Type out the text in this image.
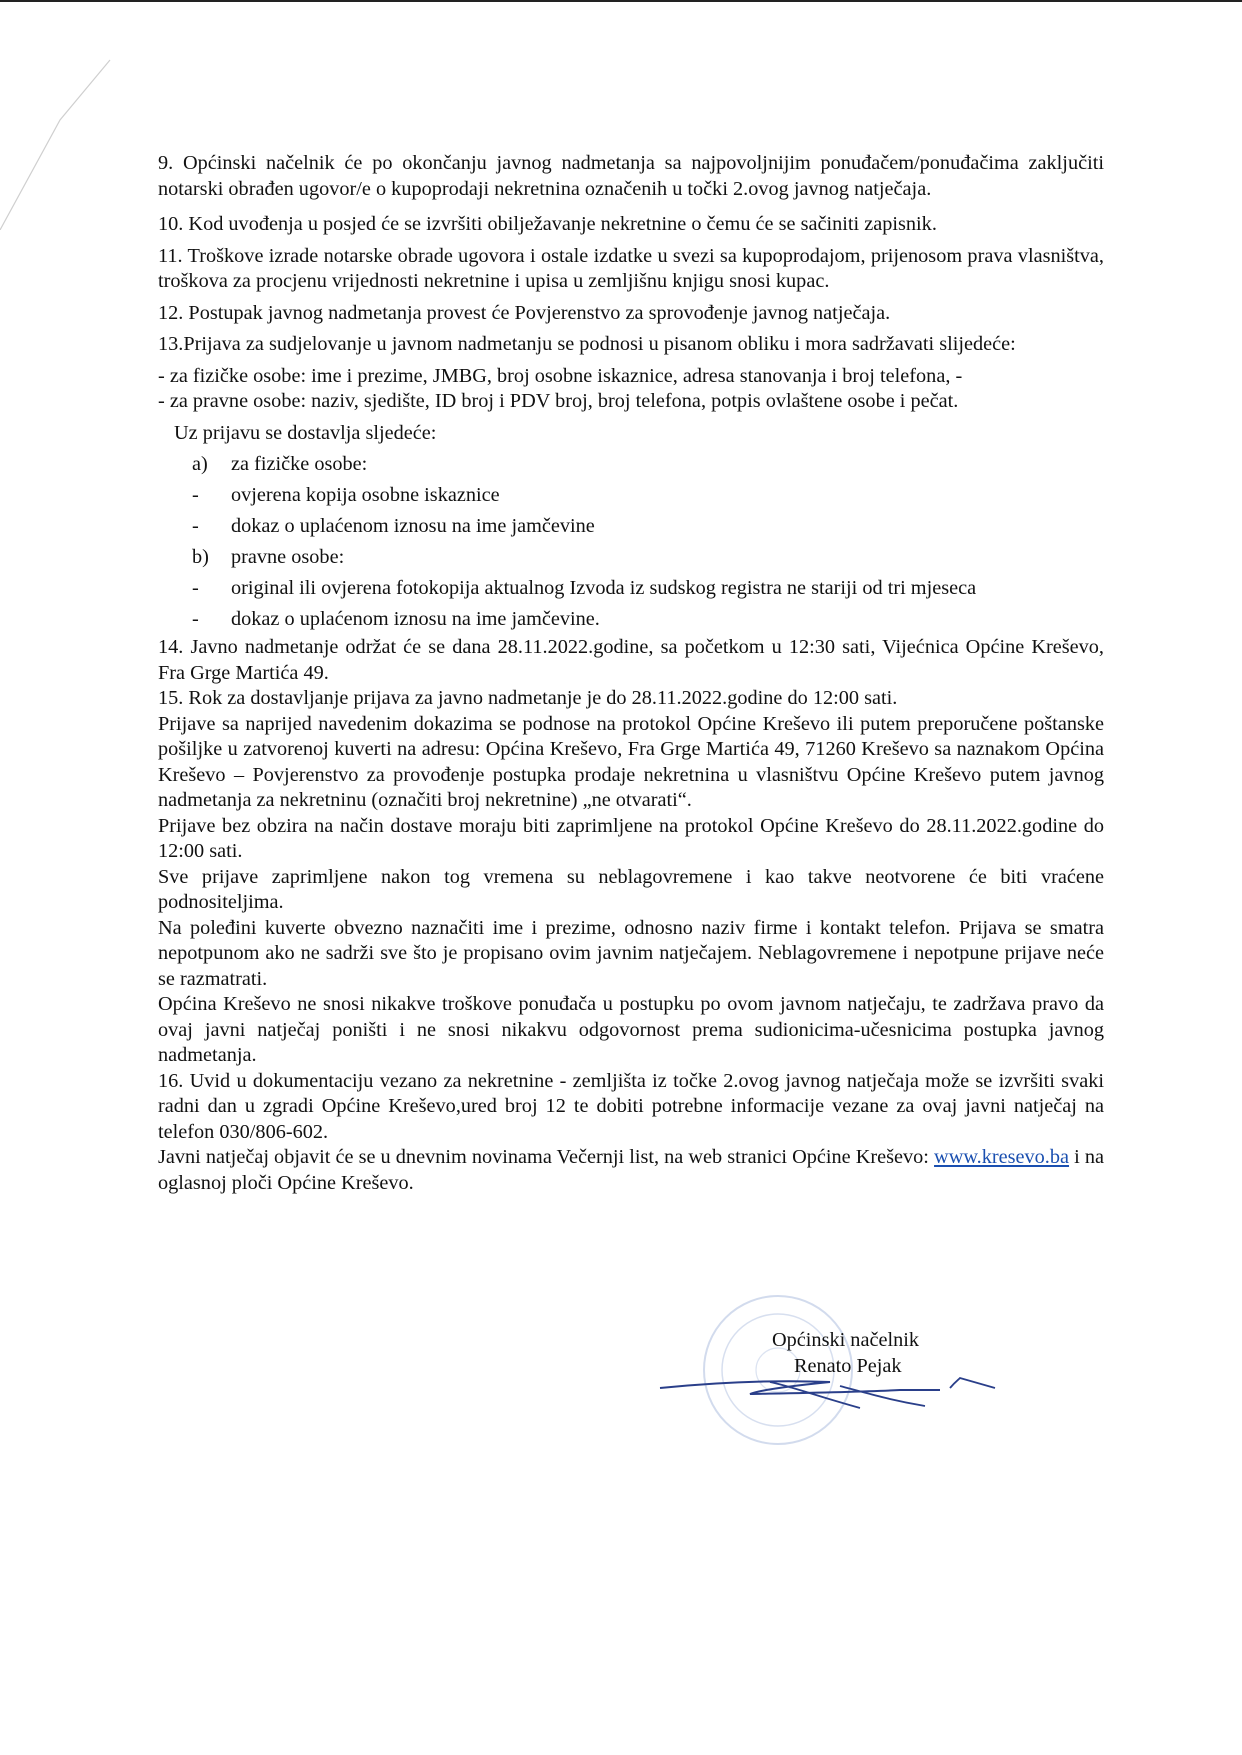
9. Općinski načelnik će po okončanju javnog nadmetanja sa najpovoljnijim ponuđačem/ponuđačima zaključiti notarski obrađen ugovor/e o kupoprodaji nekretnina označenih u točki 2.ovog javnog natječaja.

10. Kod uvođenja u posjed će se izvršiti obilježavanje nekretnine o čemu će se sačiniti zapisnik.

11. Troškove izrade notarske obrade ugovora i ostale izdatke u svezi sa kupoprodajom, prijenosom prava vlasništva, troškova za procjenu vrijednosti nekretnine i upisa u zemljišnu knjigu snosi kupac.

12. Postupak javnog nadmetanja provest će Povjerenstvo za sprovođenje javnog natječaja.

13.Prijava za sudjelovanje u javnom nadmetanju se podnosi u pisanom obliku i mora sadržavati slijedeće:

- za fizičke osobe: ime i prezime, JMBG, broj osobne iskaznice, adresa stanovanja i broj telefona, -

- za pravne osobe: naziv, sjedište, ID broj i PDV broj, broj telefona, potpis ovlaštene osobe i pečat.

Uz prijavu se dostavlja sljedeće:

a) za fizičke osobe:
- ovjerena kopija osobne iskaznice
- dokaz o uplaćenom iznosu na ime jamčevine
b) pravne osobe:
- original ili ovjerena fotokopija aktualnog Izvoda iz sudskog registra ne stariji od tri mjeseca
- dokaz o uplaćenom iznosu na ime jamčevine.

14. Javno nadmetanje održat će se dana 28.11.2022.godine, sa početkom u 12:30 sati, Vijećnica Općine Kreševo, Fra Grge Martića 49.

15. Rok za dostavljanje prijava za javno nadmetanje je do 28.11.2022.godine do 12:00 sati.

Prijave sa naprijed navedenim dokazima se podnose na protokol Općine Kreševo ili putem preporučene poštanske pošiljke u zatvorenoj kuverti na adresu: Općina Kreševo, Fra Grge Martića 49, 71260 Kreševo sa naznakom Općina Kreševo – Povjerenstvo za provođenje postupka prodaje nekretnina u vlasništvu Općine Kreševo putem javnog nadmetanja za nekretninu (označiti broj nekretnine) „ne otvarati“.

Prijave bez obzira na način dostave moraju biti zaprimljene na protokol Općine Kreševo do 28.11.2022.godine do 12:00 sati.

Sve prijave zaprimljene nakon tog vremena su neblagovremene i kao takve neotvorene će biti vraćene podnositeljima.

Na poleđini kuverte obvezno naznačiti ime i prezime, odnosno naziv firme i kontakt telefon. Prijava se smatra nepotpunom ako ne sadrži sve što je propisano ovim javnim natječajem. Neblagovremene i nepotpune prijave neće se razmatrati.

Općina Kreševo ne snosi nikakve troškove ponuđača u postupku po ovom javnom natječaju, te zadržava pravo da ovaj javni natječaj poništi i ne snosi nikakvu odgovornost prema sudionicima-učesnicima postupka javnog nadmetanja.

16. Uvid u dokumentaciju vezano za nekretnine - zemljišta iz točke 2.ovog javnog natječaja može se izvršiti svaki radni dan u zgradi Općine Kreševo,ured broj 12 te dobiti potrebne informacije vezane za ovaj javni natječaj na telefon 030/806-602.

Javni natječaj objavit će se u dnevnim novinama Večernji list, na web stranici Općine Kreševo: www.kresevo.ba i na oglasnoj ploči Općine Kreševo.

Općinski načelnik
Renato Pejak
